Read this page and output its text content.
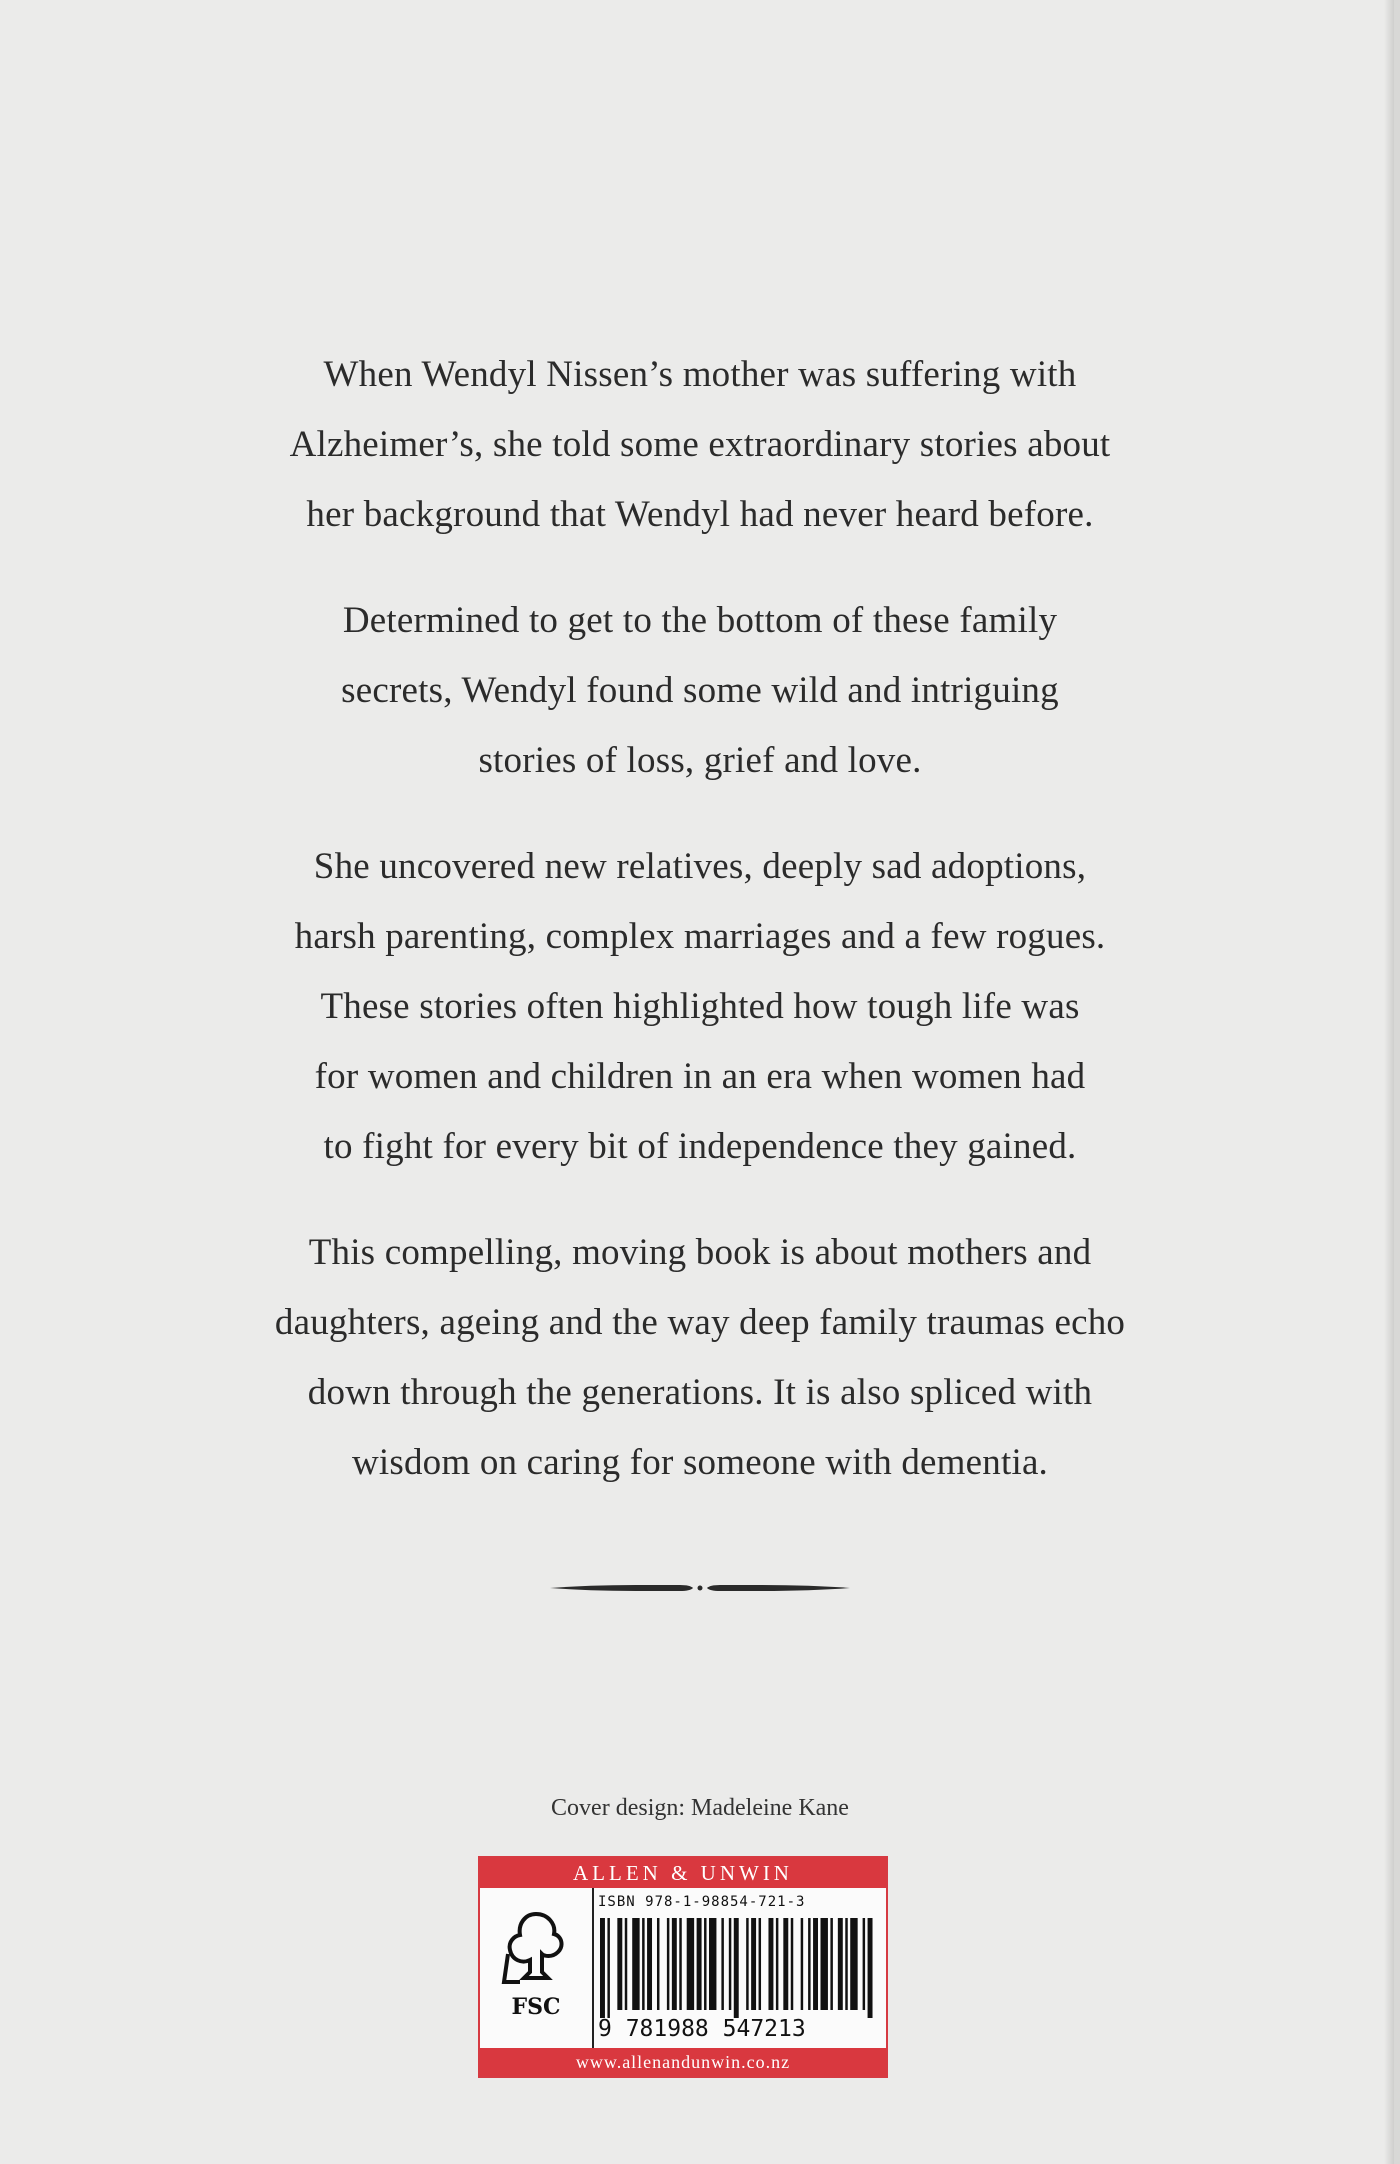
When Wendyl Nissen’s mother was suffering with
Alzheimer’s, she told some extraordinary stories about
her background that Wendyl had never heard before.
Determined to get to the bottom of these family
secrets, Wendyl found some wild and intriguing
stories of loss, grief and love.
She uncovered new relatives, deeply sad adoptions,
harsh parenting, complex marriages and a few rogues.
These stories often highlighted how tough life was
for women and children in an era when women had
to fight for every bit of independence they gained.
This compelling, moving book is about mothers and
daughters, ageing and the way deep family traumas echo
down through the generations. It is also spliced with
wisdom on caring for someone with dementia.
Cover design: Madeleine Kane
ALLEN & UNWIN
FSC
ISBN 978-1-98854-721-3
9 781988 547213
www.allenandunwin.co.nz
